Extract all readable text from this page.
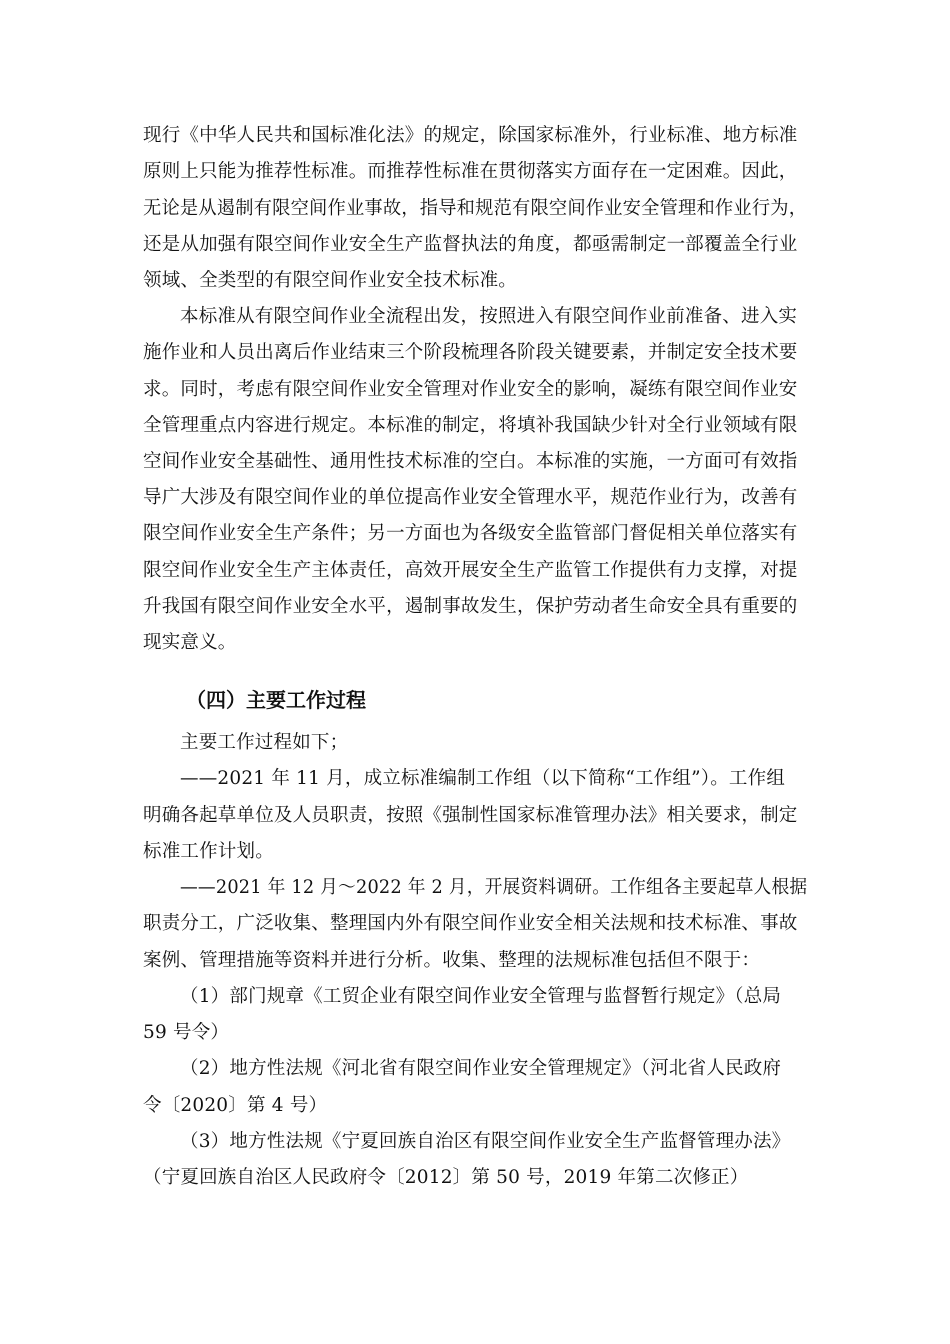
现行《中华人民共和国标准化法》的规定，除国家标准外，行业标准、地方标准
原则上只能为推荐性标准。而推荐性标准在贯彻落实方面存在一定困难。因此，
无论是从遏制有限空间作业事故，指导和规范有限空间作业安全管理和作业行为，
还是从加强有限空间作业安全生产监督执法的角度，都亟需制定一部覆盖全行业
领域、全类型的有限空间作业安全技术标准。
本标准从有限空间作业全流程出发，按照进入有限空间作业前准备、进入实
施作业和人员出离后作业结束三个阶段梳理各阶段关键要素，并制定安全技术要
求。同时，考虑有限空间作业安全管理对作业安全的影响，凝练有限空间作业安
全管理重点内容进行规定。本标准的制定，将填补我国缺少针对全行业领域有限
空间作业安全基础性、通用性技术标准的空白。本标准的实施，一方面可有效指
导广大涉及有限空间作业的单位提高作业安全管理水平，规范作业行为，改善有
限空间作业安全生产条件；另一方面也为各级安全监管部门督促相关单位落实有
限空间作业安全生产主体责任，高效开展安全生产监管工作提供有力支撑，对提
升我国有限空间作业安全水平，遏制事故发生，保护劳动者生命安全具有重要的
现实意义。
（四）主要工作过程
主要工作过程如下；
——2021 年 11 月，成立标准编制工作组（以下简称“工作组”）。工作组
明确各起草单位及人员职责，按照《强制性国家标准管理办法》相关要求，制定
标准工作计划。
——2021 年 12 月～2022 年 2 月，开展资料调研。工作组各主要起草人根据
职责分工，广泛收集、整理国内外有限空间作业安全相关法规和技术标准、事故
案例、管理措施等资料并进行分析。收集、整理的法规标准包括但不限于：
（1）部门规章《工贸企业有限空间作业安全管理与监督暂行规定》（总局
59 号令）
（2）地方性法规《河北省有限空间作业安全管理规定》（河北省人民政府
令〔2020〕第 4 号）
（3）地方性法规《宁夏回族自治区有限空间作业安全生产监督管理办法》
（宁夏回族自治区人民政府令〔2012〕第 50 号，2019 年第二次修正）
